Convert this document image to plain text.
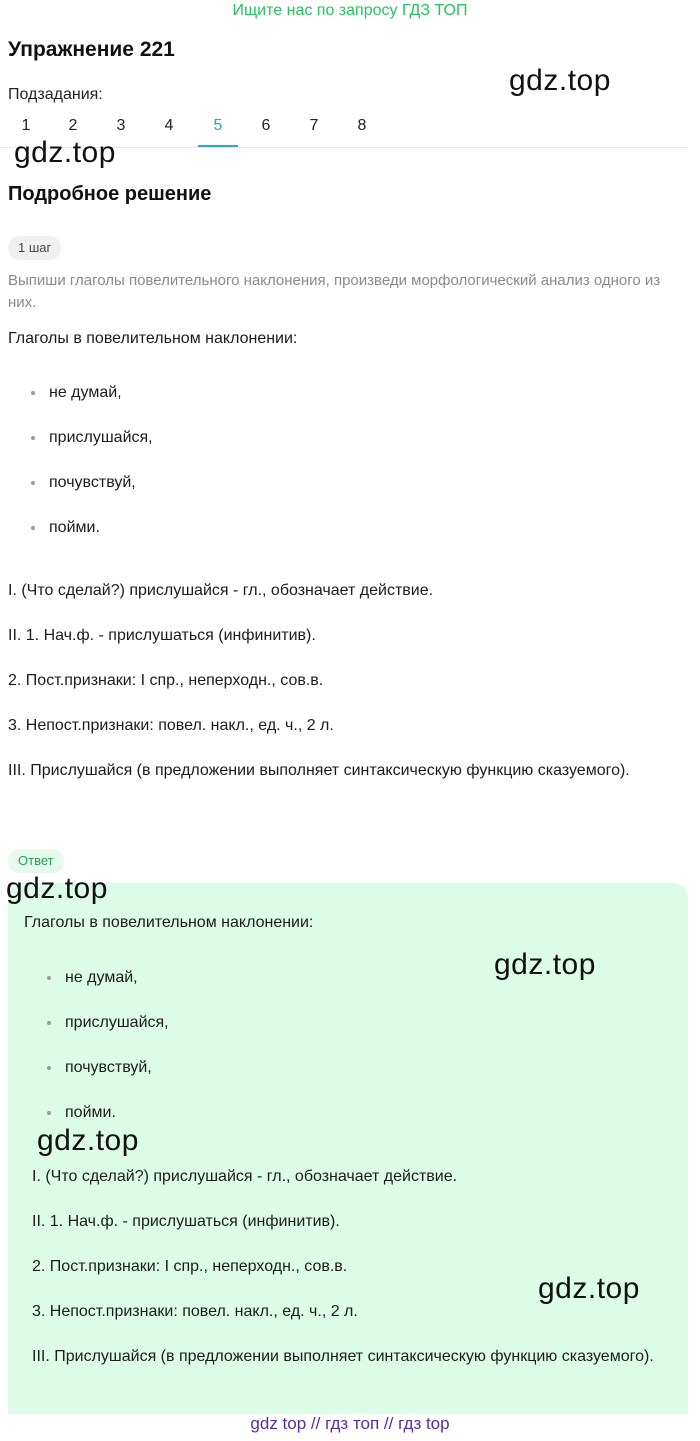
Ищите нас по запросу ГДЗ ТОП
Упражнение 221
Подзадания:
1	2	3	4	5	6	7	8
Подробное решение
1 шаг
Выпиши глаголы повелительного наклонения, произведи морфологический анализ одного из них.
Глаголы в повелительном наклонении:
не думай,
прислушайся,
почувствуй,
пойми.

I. (Что сделай?) прислушайся - гл., обозначает действие.

II. 1. Нач.ф. - прислушаться (инфинитив).

2. Пост.признаки: I спр., неперходн., сов.в.

3. Непост.признаки: повел. накл., ед. ч., 2 л.

III. Прислушайся (в предложении выполняет синтаксическую функцию сказуемого).

Ответ
Глаголы в повелительном наклонении:
не думай,
прислушайся,
почувствуй,
пойми.

I. (Что сделай?) прислушайся - гл., обозначает действие.

II. 1. Нач.ф. - прислушаться (инфинитив).

2. Пост.признаки: I спр., неперходн., сов.в.

3. Непост.признаки: повел. накл., ед. ч., 2 л.

III. Прислушайся (в предложении выполняет синтаксическую функцию сказуемого).

gdz.top
gdz.top
gdz.top
gdz.top
gdz.top
gdz.top
gdz top // гдз топ // гдз top
